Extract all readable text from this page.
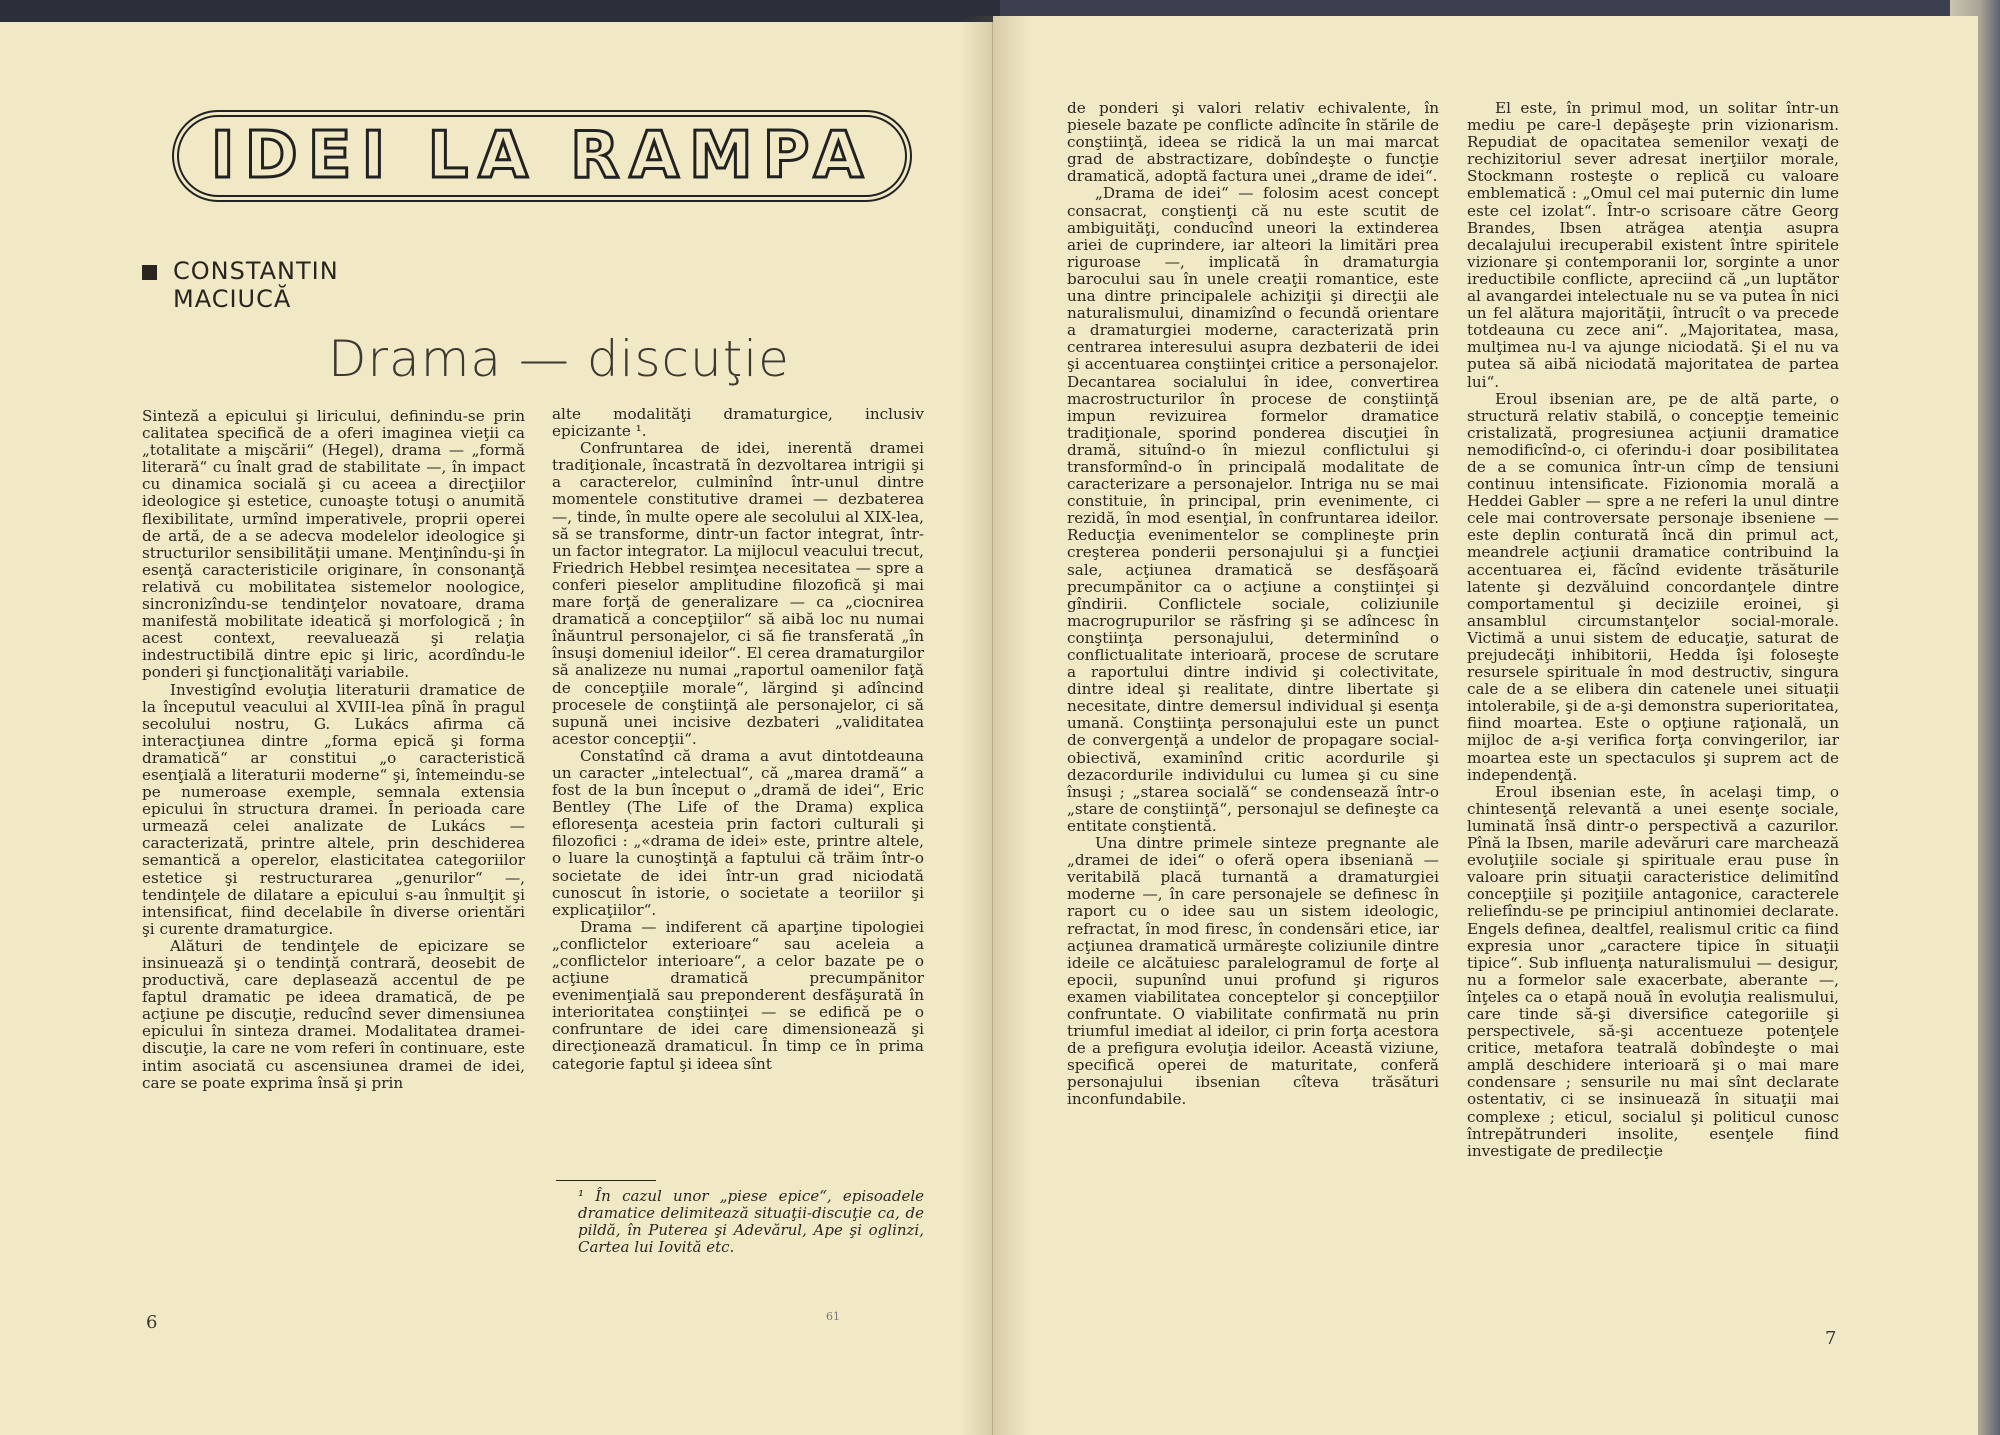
IDEI LA RAMPA
CONSTANTIN
MACIUCĂ
Drama — discuţie

Sinteză a epicului şi liricului, definindu-se prin calitatea specifică de a oferi imaginea vieţii ca „totalitate a mişcării“ (Hegel), drama — „formă literară“ cu înalt grad de stabilitate —, în impact cu dinamica socială şi cu aceea a direcţiilor ideologice şi estetice, cunoaşte totuşi o anumită flexibilitate, urmînd imperativele, proprii operei de artă, de a se adecva modelelor ideologice şi structurilor sensibilităţii umane. Menţinîndu-şi în esenţă caracteristicile originare, în consonanţă relativă cu mobilitatea sistemelor noologice, sincronizîndu-se tendinţelor novatoare, drama manifestă mobilitate ideatică şi morfologică ; în acest context, reevaluează şi relaţia indestructibilă dintre epic şi liric, acordîndu-le ponderi şi funcţionalităţi variabile.

Investigînd evoluţia literaturii dramatice de la începutul veacului al XVIII-lea pînă în pragul secolului nostru, G. Lukács afirma că interacţiunea dintre „forma epică şi forma dramatică“ ar constitui „o caracteristică esenţială a literaturii moderne“ şi, întemeindu-se pe numeroase exemple, semnala extensia epicului în structura dramei. În perioada care urmează celei analizate de Lukács — caracterizată, printre altele, prin deschiderea semantică a operelor, elasticitatea categoriilor estetice şi restructurarea „genurilor“ —, tendinţele de dilatare a epicului s-au înmulţit şi intensificat, fiind decelabile în diverse orientări şi curente dramaturgice.

Alături de tendinţele de epicizare se insinuează şi o tendinţă contrară, deosebit de productivă, care deplasează accentul de pe faptul dramatic pe ideea dramatică, de pe acţiune pe discuţie, reducînd sever dimensiunea epicului în sinteza dramei. Modalitatea dramei-discuţie, la care ne vom referi în continuare, este intim asociată cu ascensiunea dramei de idei, care se poate exprima însă şi prin

alte modalităţi dramaturgice, inclusiv epicizante ¹.

Confruntarea de idei, inerentă dramei tradiţionale, încastrată în dezvoltarea intrigii şi a caracterelor, culminînd într-unul dintre momentele constitutive dramei — dezbaterea —, tinde, în multe opere ale secolului al XIX-lea, să se transforme, dintr-un factor integrat, într-un factor integrator. La mijlocul veacului trecut, Friedrich Hebbel resimţea necesitatea — spre a conferi pieselor amplitudine filozofică şi mai mare forţă de generalizare — ca „ciocnirea dramatică a concepţiilor“ să aibă loc nu numai înăuntrul personajelor, ci să fie transferată „în însuşi domeniul ideilor“. El cerea dramaturgilor să analizeze nu numai „raportul oamenilor faţă de concepţiile morale“, lărgind şi adîncind procesele de conştiinţă ale personajelor, ci să supună unei incisive dezbateri „validitatea acestor concepţii“.

Constatînd că drama a avut dintotdeauna un caracter „intelectual“, că „marea dramă“ a fost de la bun început o „dramă de idei“, Eric Bentley (The Life of the Drama) explica efloresenţa acesteia prin factori culturali şi filozofici : „«drama de idei» este, printre altele, o luare la cunoştinţă a faptului că trăim într-o societate de idei într-un grad niciodată cunoscut în istorie, o societate a teoriilor şi explicaţiilor“.

Drama — indiferent că aparţine tipologiei „conflictelor exterioare“ sau aceleia a „conflictelor interioare“, a celor bazate pe o acţiune dramatică precumpănitor evenimenţială sau preponderent desfăşurată în interioritatea conştiinţei — se edifică pe o confruntare de idei care dimensionează şi direcţionează dramaticul. În timp ce în prima categorie faptul şi ideea sînt

¹ În cazul unor „piese epice“, episoadele dramatice delimitează situaţii-discuţie ca, de pildă, în Puterea şi Adevărul, Ape şi oglinzi, Cartea lui Iovită etc.
6	61

de ponderi şi valori relativ echivalente, în piesele bazate pe conflicte adîncite în stările de conştiinţă, ideea se ridică la un mai marcat grad de abstractizare, dobîndeşte o funcţie dramatică, adoptă factura unei „drame de idei“.

„Drama de idei“ — folosim acest concept consacrat, conştienţi că nu este scutit de ambiguităţi, conducînd uneori la extinderea ariei de cuprindere, iar alteori la limitări prea riguroase —, implicată în dramaturgia barocului sau în unele creaţii romantice, este una dintre principalele achiziţii şi direcţii ale naturalismului, dinamizînd o fecundă orientare a dramaturgiei moderne, caracterizată prin centrarea interesului asupra dezbaterii de idei şi accentuarea conştiinţei critice a personajelor. Decantarea socialului în idee, convertirea macrostructurilor în procese de conştiinţă impun revizuirea formelor dramatice tradiţionale, sporind ponderea discuţiei în dramă, situînd-o în miezul conflictului şi transformînd-o în principală modalitate de caracterizare a personajelor. Intriga nu se mai constituie, în principal, prin evenimente, ci rezidă, în mod esenţial, în confruntarea ideilor. Reducţia evenimentelor se complineşte prin creşterea ponderii personajului şi a funcţiei sale, acţiunea dramatică se desfăşoară precumpănitor ca o acţiune a conştiinţei şi gîndirii. Conflictele sociale, coliziunile macrogrupurilor se răsfring şi se adîncesc în conştiinţa personajului, determinînd o conflictualitate interioară, procese de scrutare a raportului dintre individ şi colectivitate, dintre ideal şi realitate, dintre libertate şi necesitate, dintre demersul individual şi esenţa umană. Conştiinţa personajului este un punct de convergenţă a undelor de propagare social-obiectivă, examinînd critic acordurile şi dezacordurile individului cu lumea şi cu sine însuşi ; „starea socială“ se condensează într-o „stare de conştiinţă“, personajul se defineşte ca entitate conştientă.

Una dintre primele sinteze pregnante ale „dramei de idei“ o oferă opera ibseniană — veritabilă placă turnantă a dramaturgiei moderne —, în care personajele se definesc în raport cu o idee sau un sistem ideologic, refractat, în mod firesc, în condensări etice, iar acţiunea dramatică urmăreşte coliziunile dintre ideile ce alcătuiesc paralelogramul de forţe al epocii, supunînd unui profund şi riguros examen viabilitatea conceptelor şi concepţiilor confruntate. O viabilitate confirmată nu prin triumful imediat al ideilor, ci prin forţa acestora de a prefigura evoluţia ideilor. Această viziune, specifică operei de maturitate, conferă personajului ibsenian cîteva trăsături inconfundabile.

El este, în primul mod, un solitar într-un mediu pe care-l depăşeşte prin vizionarism. Repudiat de opacitatea semenilor vexaţi de rechizitoriul sever adresat inerţiilor morale, Stockmann rosteşte o replică cu valoare emblematică : „Omul cel mai puternic din lume este cel izolat“. Într-o scrisoare către Georg Brandes, Ibsen atrăgea atenţia asupra decalajului irecuperabil existent între spiritele vizionare şi contemporanii lor, sorginte a unor ireductibile conflicte, apreciind că „un luptător al avangardei intelectuale nu se va putea în nici un fel alătura majorităţii, întrucît o va precede totdeauna cu zece ani“. „Majoritatea, masa, mulţimea nu-l va ajunge niciodată. Şi el nu va putea să aibă niciodată majoritatea de partea lui“.

Eroul ibsenian are, pe de altă parte, o structură relativ stabilă, o concepţie temeinic cristalizată, progresiunea acţiunii dramatice nemodificînd-o, ci oferindu-i doar posibilitatea de a se comunica într-un cîmp de tensiuni continuu intensificate. Fizionomia morală a Heddei Gabler — spre a ne referi la unul dintre cele mai controversate personaje ibseniene — este deplin conturată încă din primul act, meandrele acţiunii dramatice contribuind la accentuarea ei, făcînd evidente trăsăturile latente şi dezvăluind concordanţele dintre comportamentul şi deciziile eroinei, şi ansamblul circumstanţelor social-morale. Victimă a unui sistem de educaţie, saturat de prejudecăţi inhibitorii, Hedda îşi foloseşte resursele spirituale în mod destructiv, singura cale de a se elibera din catenele unei situaţii intolerabile, şi de a-şi demonstra superioritatea, fiind moartea. Este o opţiune raţională, un mijloc de a-şi verifica forţa convingerilor, iar moartea este un spectaculos şi suprem act de independenţă.

Eroul ibsenian este, în acelaşi timp, o chintesenţă relevantă a unei esenţe sociale, luminată însă dintr-o perspectivă a cazurilor. Pînă la Ibsen, marile adevăruri care marchează evoluţiile sociale şi spirituale erau puse în valoare prin situaţii caracteristice delimitînd concepţiile şi poziţiile antagonice, caracterele reliefîndu-se pe principiul antinomiei declarate. Engels definea, dealtfel, realismul critic ca fiind expresia unor „caractere tipice în situaţii tipice“. Sub influenţa naturalismului — desigur, nu a formelor sale exacerbate, aberante —, înţeles ca o etapă nouă în evoluţia realismului, care tinde să-şi diversifice categoriile şi perspectivele, să-şi accentueze potenţele critice, metafora teatrală dobîndeşte o mai amplă deschidere interioară şi o mai mare condensare ; sensurile nu mai sînt declarate ostentativ, ci se insinuează în situaţii mai complexe ; eticul, socialul şi politicul cunosc întrepătrunderi insolite, esenţele fiind investigate de predilecţie

7
